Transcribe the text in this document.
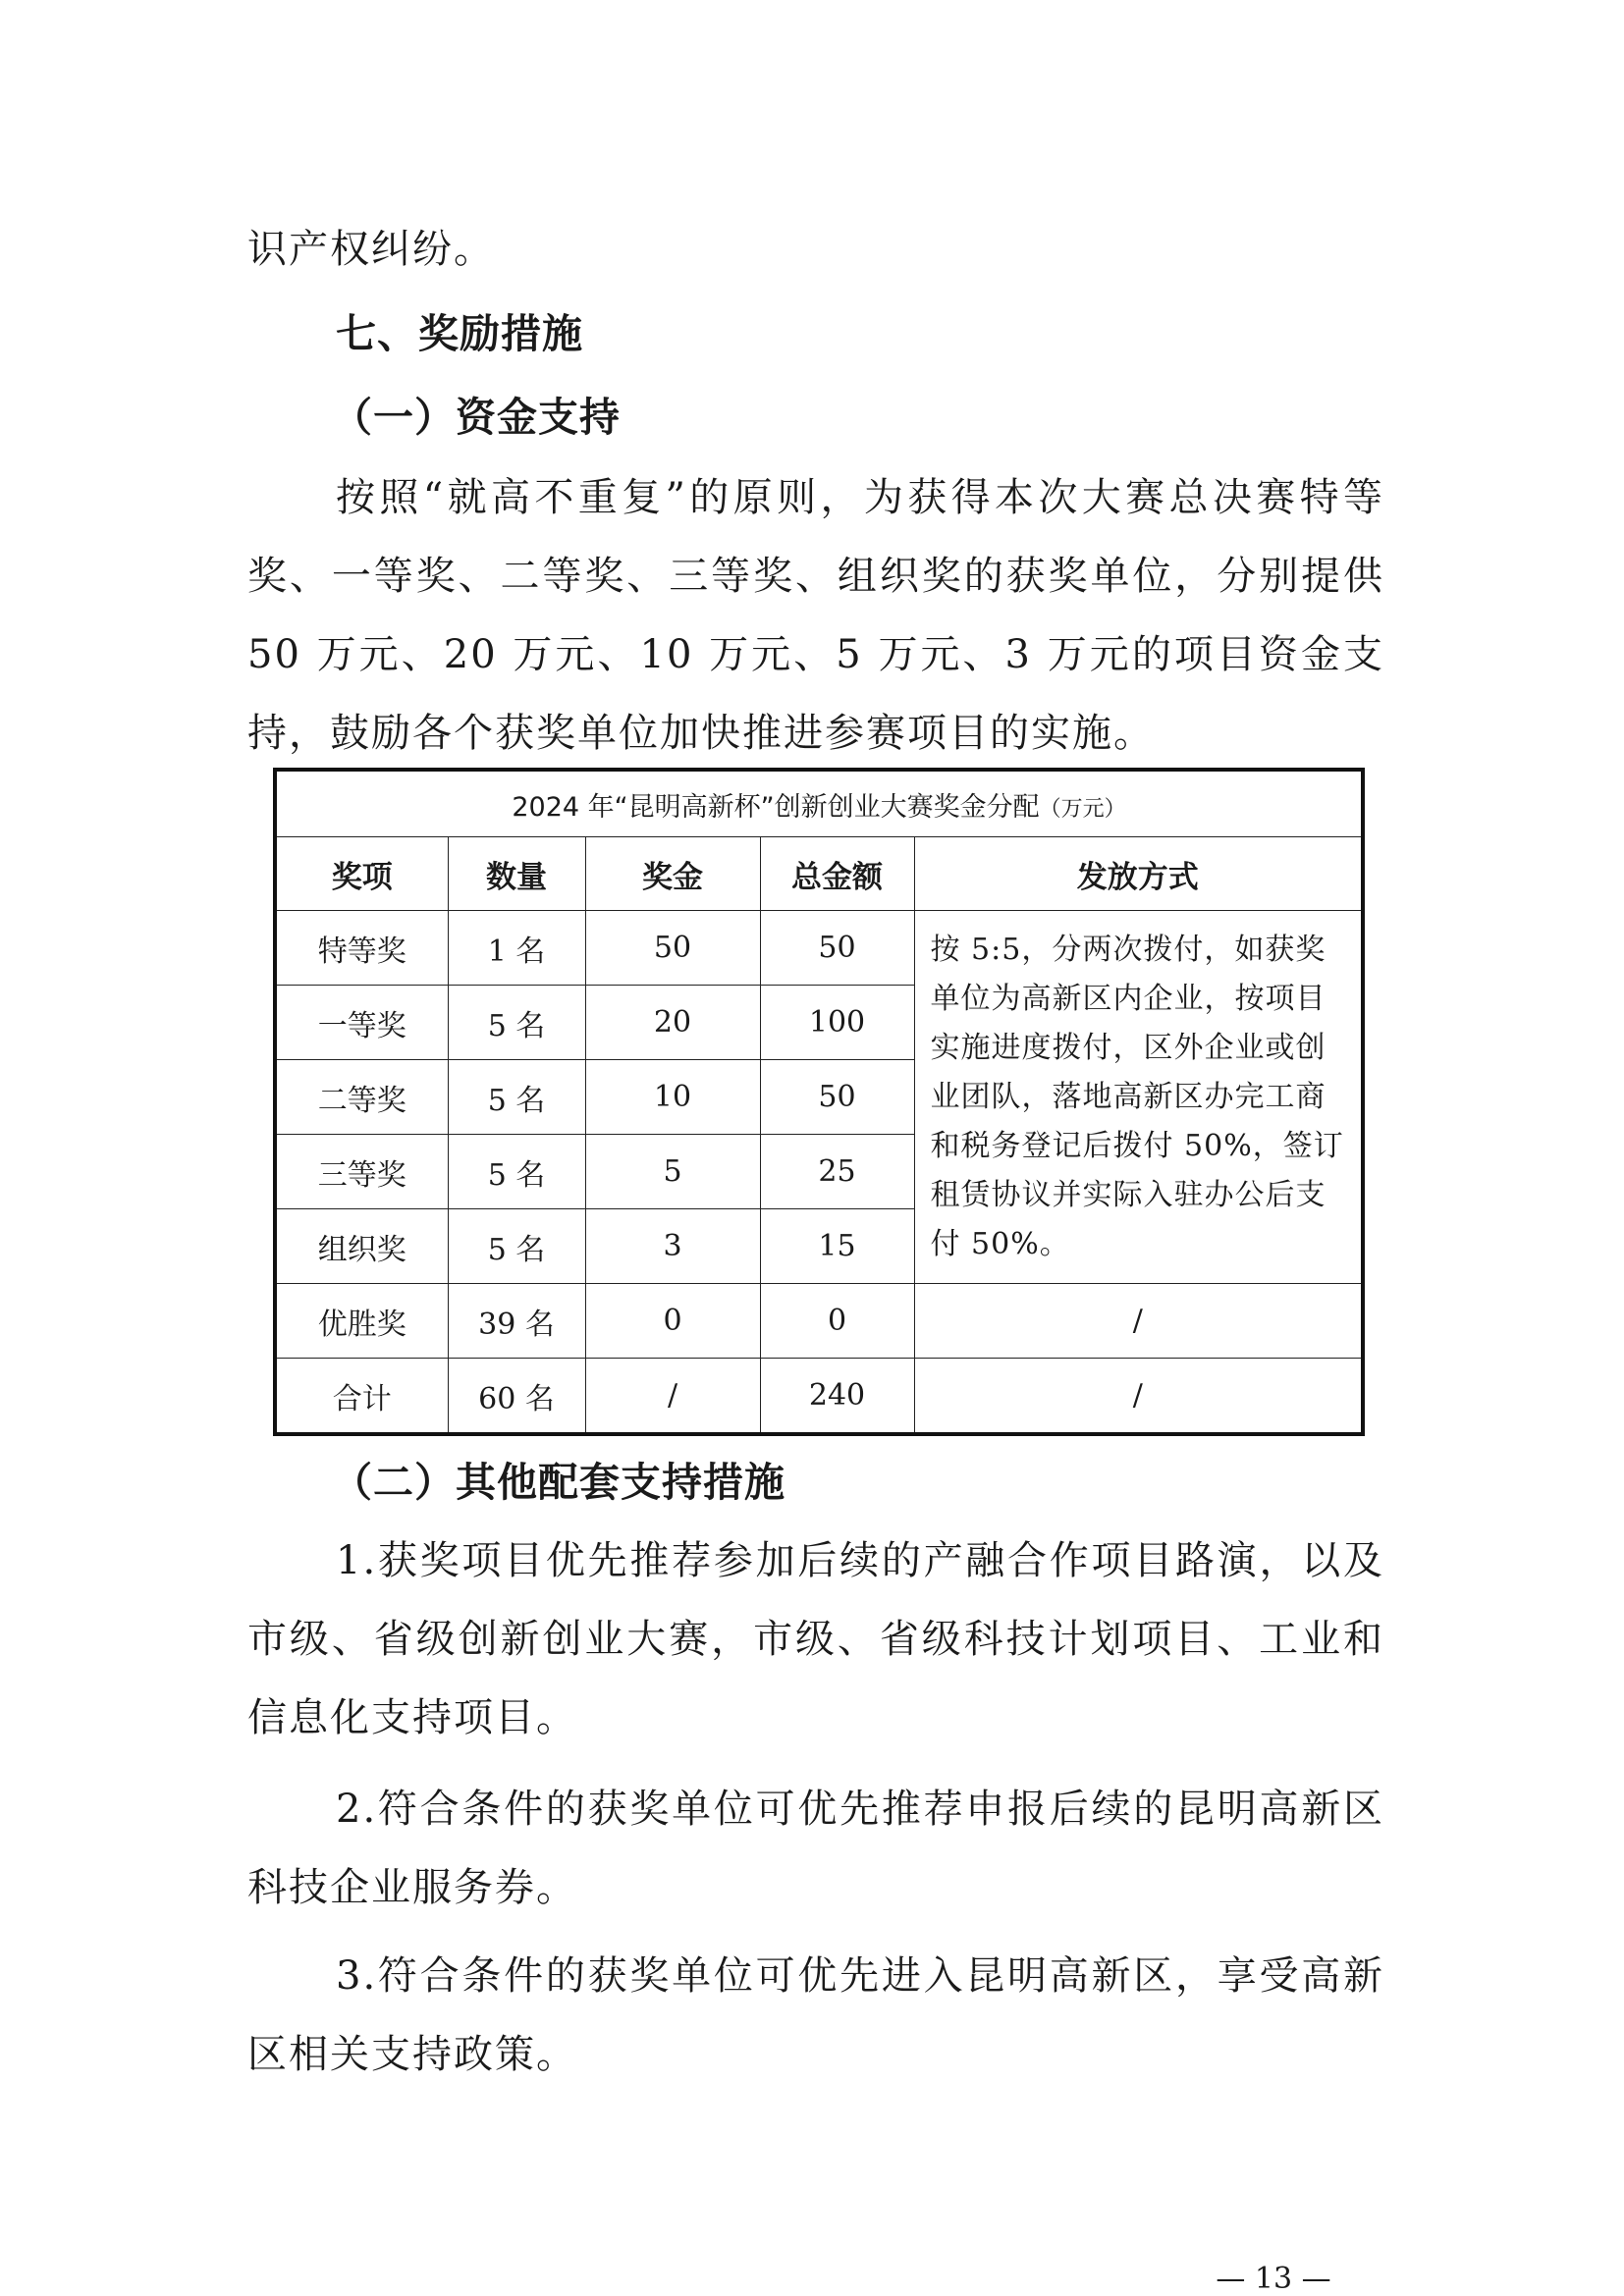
识产权纠纷。

七、奖励措施
（一）资金支持

按照“就高不重复”的原则，为获得本次大赛总决赛特等奖、一等奖、二等奖、三等奖、组织奖的获奖单位，分别提供 50 万元、20 万元、10 万元、5 万元、3 万元的项目资金支持，鼓励各个获奖单位加快推进参赛项目的实施。

2024 年“昆明高新杯”创新创业大赛奖金分配（万元）				
奖项	数量	奖金	总金额	发放方式
特等奖	1 名	50	50	按 5:5，分两次拨付，如获奖单位为高新区内企业，按项目实施进度拨付，区外企业或创业团队，落地高新区办完工商和税务登记后拨付 50%，签订租赁协议并实际入驻办公后支付 50%。
一等奖	5 名	20	100	
二等奖	5 名	10	50	
三等奖	5 名	5	25	
组织奖	5 名	3	15	
优胜奖	39 名	0	0	/
合计	60 名	/	240	/
（二）其他配套支持措施

1.获奖项目优先推荐参加后续的产融合作项目路演，以及市级、省级创新创业大赛，市级、省级科技计划项目、工业和信息化支持项目。

2.符合条件的获奖单位可优先推荐申报后续的昆明高新区科技企业服务券。

3.符合条件的获奖单位可优先进入昆明高新区，享受高新区相关支持政策。

— 13 —
